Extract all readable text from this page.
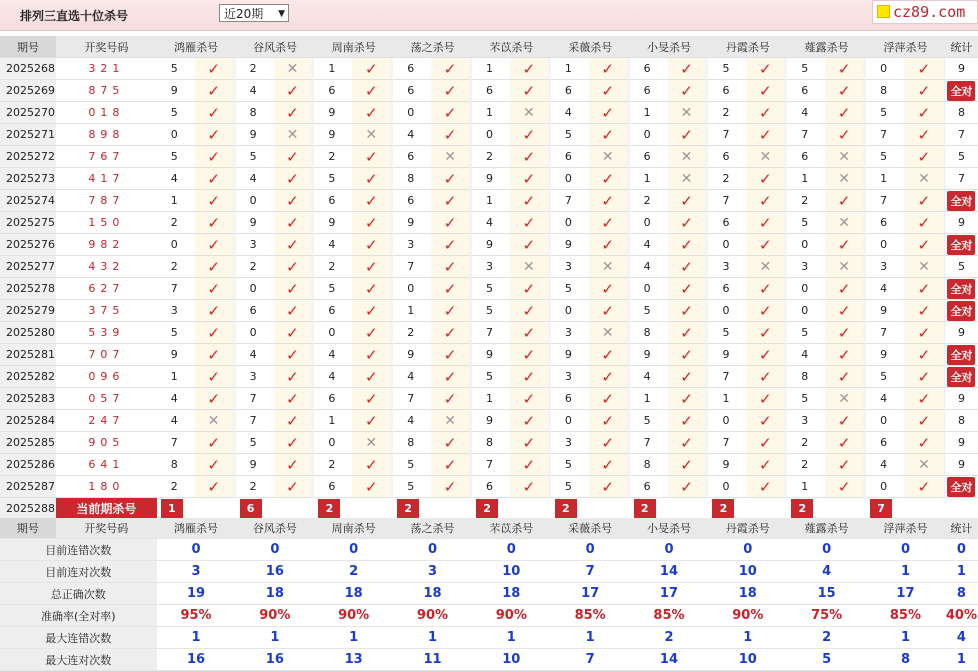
排列三直选十位杀号	近20期 ▼	cz89.com
期号	开奖号码	鸿雁杀号		谷风杀号		周南杀号		荡之杀号		芣苡杀号		采薇杀号		小旻杀号		丹霞杀号		薤露杀号		浮萍杀号		统计
2025268	321	5	✓	2	✕	1	✓	6	✓	1	✓	1	✓	6	✓	5	✓	5	✓	0	✓	9
2025269	875	9	✓	4	✓	6	✓	6	✓	6	✓	6	✓	6	✓	6	✓	6	✓	8	✓	全对
2025270	018	5	✓	8	✓	9	✓	0	✓	1	✕	4	✓	1	✕	2	✓	4	✓	5	✓	8
2025271	898	0	✓	9	✕	9	✕	4	✓	0	✓	5	✓	0	✓	7	✓	7	✓	7	✓	7
2025272	767	5	✓	5	✓	2	✓	6	✕	2	✓	6	✕	6	✕	6	✕	6	✕	5	✓	5
2025273	417	4	✓	4	✓	5	✓	8	✓	9	✓	0	✓	1	✕	2	✓	1	✕	1	✕	7
2025274	787	1	✓	0	✓	6	✓	6	✓	1	✓	7	✓	2	✓	7	✓	2	✓	7	✓	全对
2025275	150	2	✓	9	✓	9	✓	9	✓	4	✓	0	✓	0	✓	6	✓	5	✕	6	✓	9
2025276	982	0	✓	3	✓	4	✓	3	✓	9	✓	9	✓	4	✓	0	✓	0	✓	0	✓	全对
2025277	432	2	✓	2	✓	2	✓	7	✓	3	✕	3	✕	4	✓	3	✕	3	✕	3	✕	5
2025278	627	7	✓	0	✓	5	✓	0	✓	5	✓	5	✓	0	✓	6	✓	0	✓	4	✓	全对
2025279	375	3	✓	6	✓	6	✓	1	✓	5	✓	0	✓	5	✓	0	✓	0	✓	9	✓	全对
2025280	539	5	✓	0	✓	0	✓	2	✓	7	✓	3	✕	8	✓	5	✓	5	✓	7	✓	9
2025281	707	9	✓	4	✓	4	✓	9	✓	9	✓	9	✓	9	✓	9	✓	4	✓	9	✓	全对
2025282	096	1	✓	3	✓	4	✓	4	✓	5	✓	3	✓	4	✓	7	✓	8	✓	5	✓	全对
2025283	057	4	✓	7	✓	6	✓	7	✓	1	✓	6	✓	1	✓	1	✓	5	✕	4	✓	9
2025284	247	4	✕	7	✓	1	✓	4	✕	9	✓	0	✓	5	✓	0	✓	3	✓	0	✓	8
2025285	905	7	✓	5	✓	0	✕	8	✓	8	✓	3	✓	7	✓	7	✓	2	✓	6	✓	9
2025286	641	8	✓	9	✓	2	✓	5	✓	7	✓	5	✓	8	✓	9	✓	2	✓	4	✕	9
2025287	180	2	✓	2	✓	6	✓	5	✓	6	✓	5	✓	6	✓	0	✓	1	✓	0	✓	全对
2025288	当前期杀号	1		6		2		2		2		2		2		2		2		7		
期号	开奖号码	鸿雁杀号	谷风杀号	周南杀号	荡之杀号	芣苡杀号	采薇杀号	小旻杀号	丹霞杀号	薤露杀号	浮萍杀号	统计
目前连错次数		0	0	0	0	0	0	0	0	0	0	0
目前连对次数		3	16	2	3	10	7	14	10	4	1	1
总正确次数		19	18	18	18	18	17	17	18	15	17	8
准确率(全对率)		95%	90%	90%	90%	90%	85%	85%	90%	75%	85%	40%
最大连错次数		1	1	1	1	1	1	2	1	2	1	4
最大连对次数		16	16	13	11	10	7	14	10	5	8	1
